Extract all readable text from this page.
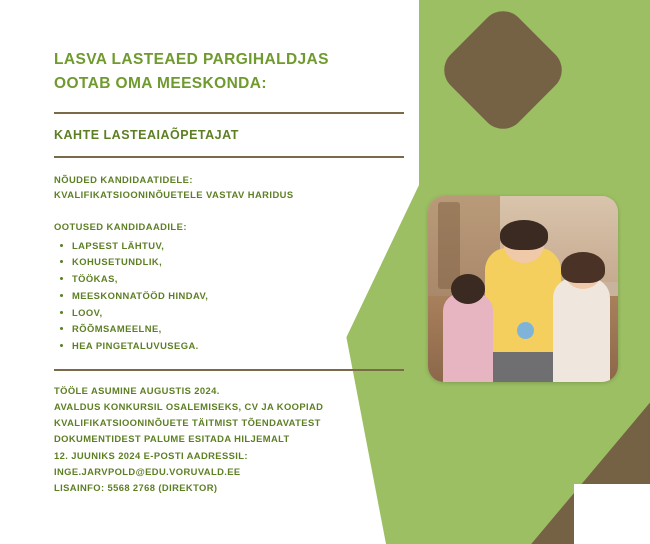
LASVA LASTEAED PARGIHALDJAS
OOTAB OMA MEESKONDA:
KAHTE LASTEAIAÕPETAJAT

NÕUDED KANDIDAATIDELE:
KVALIFIKATSIOONINÕUETELE VASTAV HARIDUS

OOTUSED KANDIDAADILE:

LAPSEST LÄHTUV,
KOHUSETUNDLIK,
TÖÖKAS,
MEESKONNATÖÖD HINDAV,
LOOV,
RÕÕMSAMEELNE,
HEA PINGETALUVUSEGA.
TÖÖLE ASUMINE AUGUSTIS 2024.
AVALDUS KONKURSIL OSALEMISEKS, CV JA KOOPIAD
KVALIFIKATSIOONINÕUETE TÄITMIST TÕENDAVATEST
DOKUMENTIDEST PALUME ESITADA HILJEMALT
12. JUUNIKS 2024 E-POSTI AADRESSIL:
INGE.JARVPOLD@EDU.VORUVALD.EE
LISAINFO: 5568 2768 (DIREKTOR)
